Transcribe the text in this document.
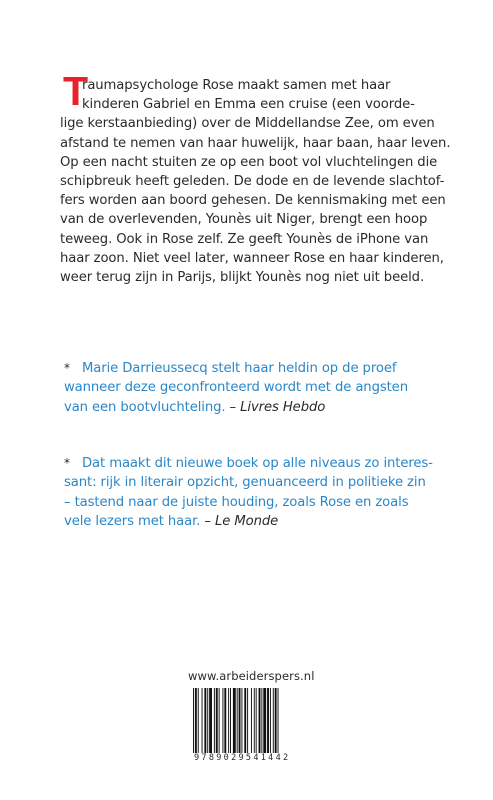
T
raumapsychologe Rose maakt samen met haar
kinderen Gabriel en Emma een cruise (een voorde-
lige kerstaanbieding) over de Middellandse Zee, om even
afstand te nemen van haar huwelijk, haar baan, haar leven.
Op een nacht stuiten ze op een boot vol vluchtelingen die
schipbreuk heeft geleden. De dode en de levende slachtof-
fers worden aan boord gehesen. De kennismaking met een
van de overlevenden, Younès uit Niger, brengt een hoop
teweeg. Ook in Rose zelf. Ze geeft Younès de iPhone van
haar zoon. Niet veel later, wanneer Rose en haar kinderen,
weer terug zijn in Parijs, blijkt Younès nog niet uit beeld.
* Marie Darrieussecq stelt haar heldin op de proef
wanneer deze geconfronteerd wordt met de angsten
van een bootvluchteling. – Livres Hebdo
* Dat maakt dit nieuwe boek op alle niveaus zo interes-
sant: rijk in literair opzicht, genuanceerd in politieke zin
– tastend naar de juiste houding, zoals Rose en zoals
vele lezers met haar. – Le Monde
www.arbeiderspers.nl
9789029541442
